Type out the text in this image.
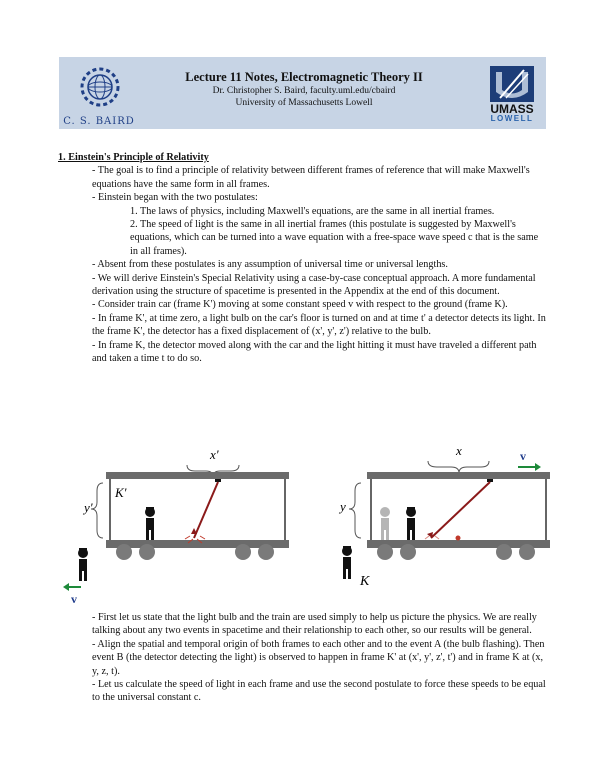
C. S. BAIRD

Lecture 11 Notes, Electromagnetic Theory II

Dr. Christopher S. Baird, faculty.uml.edu/cbaird

University of Massachusetts Lowell	UMASS
LOWELL

1. Einstein's Principle of Relativity

- The goal is to find a principle of relativity between different frames of reference that will make Maxwell's equations have the same form in all frames.

- Einstein began with the two postulates:

1. The laws of physics, including Maxwell's equations, are the same in all inertial frames.

2. The speed of light is the same in all inertial frames (this postulate is suggested by Maxwell's equations, which can be turned into a wave equation with a free-space wave speed c that is the same in all frames).

- Absent from these postulates is any assumption of universal time or universal lengths.

- We will derive Einstein's Special Relativity using a case-by-case conceptual approach. A more fundamental derivation using the structure of spacetime is presented in the Appendix at the end of this document.

- Consider train car (frame K') moving at some constant speed v with respect to the ground (frame K).

- In frame K', at time zero, a light bulb on the car's floor is turned on and at time t' a detector detects its light. In the frame K', the detector has a fixed displacement of (x', y', z') relative to the bulb.

- In frame K, the detector moved along with the car and the light hitting it must have traveled a different path and taken a time t to do so.

x'
K'
y'
v
x	v
y
K

- First let us state that the light bulb and the train are used simply to help us picture the physics. We are really talking about any two events in spacetime and their relationship to each other, so our results will be general.

- Align the spatial and temporal origin of both frames to each other and to the event A (the bulb flashing). Then event B (the detector detecting the light) is observed to happen in frame K' at (x', y', z', t') and in frame K at (x, y, z, t).

- Let us calculate the speed of light in each frame and use the second postulate to force these speeds to be equal to the universal constant c.
